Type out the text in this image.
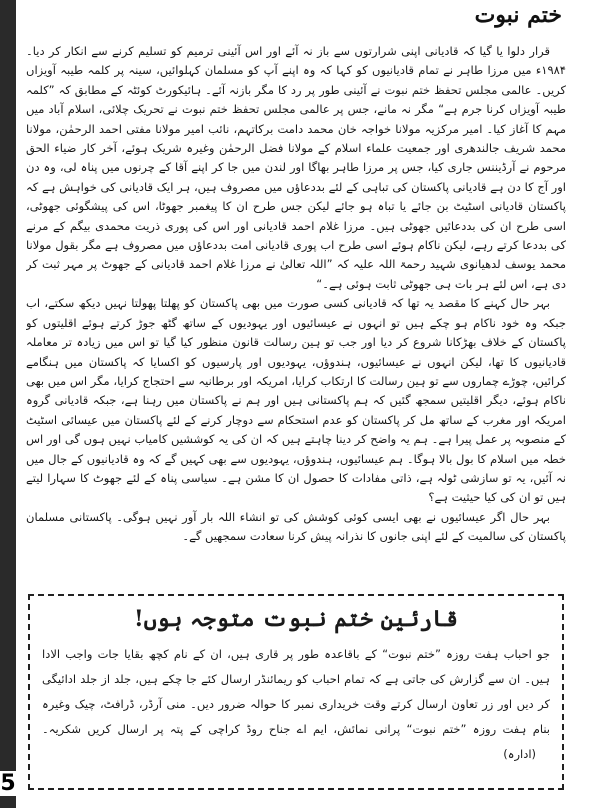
ختم نبوت

قرار دلوا یا گیا کہ قادیانی اپنی شرارتوں سے باز نہ آئے اور اس آئینی ترمیم کو تسلیم کرنے سے انکار کر دیا۔ ۱۹۸۴ء میں مرزا طاہر نے تمام قادیانیوں کو کہا کہ وہ اپنے آپ کو مسلمان کہلوائیں، سینہ پر کلمہ طیبہ آویزاں کریں۔ عالمی مجلس تحفظ ختم نبوت نے آئینی طور پر رد کا مگر بازنہ آئے۔ ہائیکورٹ کوئٹہ کے مطابق کہ ”کلمہ طیبہ آویزاں کرنا جرم ہے“ مگر نہ مانے، جس پر عالمی مجلس تحفظ ختم نبوت نے تحریک چلائی، اسلام آباد میں مہم کا آغاز کیا۔ امیر مرکزیہ مولانا خواجہ خان محمد دامت برکاتہم، نائب امیر مولانا مفتی احمد الرحمٰن، مولانا محمد شریف جالندھری اور جمعیت علماء اسلام کے مولانا فضل الرحمٰن وغیرہ شریک ہوئے، آخر کار ضیاء الحق مرحوم نے آرڈیننس جاری کیا، جس پر مرزا طاہر بھاگا اور لندن میں جا کر اپنے آقا کے چرنوں میں پناہ لی، وہ دن اور آج کا دن ہے قادیانی پاکستان کی تباہی کے لئے بددعاؤں میں مصروف ہیں، ہر ایک قادیانی کی خواہش ہے کہ پاکستان قادیانی اسٹیٹ بن جائے یا تباہ ہو جائے لیکن جس طرح ان کا پیغمبر جھوٹا، اس کی پیشگوئی جھوٹی، اسی طرح ان کی بددعائیں جھوٹی ہیں۔ مرزا غلام احمد قادیانی اور اس کی پوری ذریت محمدی بیگم کے مرنے کی بددعا کرتے رہے، لیکن ناکام ہوئے اسی طرح اب پوری قادیانی امت بددعاؤں میں مصروف ہے مگر بقول مولانا محمد یوسف لدھیانوی شہید رحمۃ اللہ علیہ کہ ”اللہ تعالیٰ نے مرزا غلام احمد قادیانی کے جھوٹ پر مہر ثبت کر دی ہے، اس لئے ہر بات ہی جھوٹی ثابت ہوئی ہے۔“

بہر حال کہنے کا مقصد یہ تھا کہ قادیانی کسی صورت میں بھی پاکستان کو پھلتا پھولتا نہیں دیکھ سکتے، اب جبکہ وہ خود ناکام ہو چکے ہیں تو انہوں نے عیسائیوں اور یہودیوں کے ساتھ گٹھ جوڑ کرتے ہوئے اقلیتوں کو پاکستان کے خلاف بھڑکانا شروع کر دیا اور جب تو ہین رسالت قانون منظور کیا گیا تو اس میں زیادہ تر معاملہ قادیانیوں کا تھا، لیکن انہوں نے عیسائیوں، ہندوؤں، یہودیوں اور پارسیوں کو اکسایا کہ پاکستان میں ہنگامے کرائیں، چوڑے چماروں سے تو ہین رسالت کا ارتکاب کرایا، امریکہ اور برطانیہ سے احتجاج کرایا، مگر اس میں بھی ناکام ہوئے، دیگر اقلیتیں سمجھ گئیں کہ ہم پاکستانی ہیں اور ہم نے پاکستان میں رہنا ہے، جبکہ قادیانی گروہ امریکہ اور مغرب کے ساتھ مل کر پاکستان کو عدم استحکام سے دوچار کرنے کے لئے پاکستان میں عیسائی اسٹیٹ کے منصوبہ پر عمل پیرا ہے۔ ہم یہ واضح کر دینا چاہتے ہیں کہ ان کی یہ کوششیں کامیاب نہیں ہوں گی اور اس خطہ میں اسلام کا بول بالا ہوگا۔ ہم عیسائیوں، ہندوؤں، یہودیوں سے بھی کہیں گے کہ وہ قادیانیوں کے جال میں نہ آئیں، یہ تو سازشی ٹولہ ہے، ذاتی مفادات کا حصول ان کا مشن ہے۔ سیاسی پناہ کے لئے جھوٹ کا سہارا لیتے ہیں تو ان کی کیا حیثیت ہے؟

بہر حال اگر عیسائیوں نے بھی ایسی کوئی کوشش کی تو انشاء اللہ بار آور نہیں ہوگی۔ پاکستانی مسلمان پاکستان کی سالمیت کے لئے اپنی جانوں کا نذرانہ پیش کرنا سعادت سمجھیں گے۔

قارئین ختم نبوت متوجہ ہوں!

جو احباب ہفت روزہ ”ختم نبوت“ کے باقاعدہ طور پر قاری ہیں، ان کے نام کچھ بقایا جات واجب الادا ہیں۔ ان سے گزارش کی جاتی ہے کہ تمام احباب کو ریمائنڈر ارسال کئے جا چکے ہیں، جلد از جلد ادائیگی کر دیں اور زر تعاون ارسال کرتے وقت خریداری نمبر کا حوالہ ضرور دیں۔ منی آرڈر، ڈرافٹ، چیک وغیرہ بنام ہفت روزہ ”ختم نبوت“ پرانی نمائش، ایم اے جناح روڈ کراچی کے پتہ پر ارسال کریں شکریہ۔ (ادارہ)

5
